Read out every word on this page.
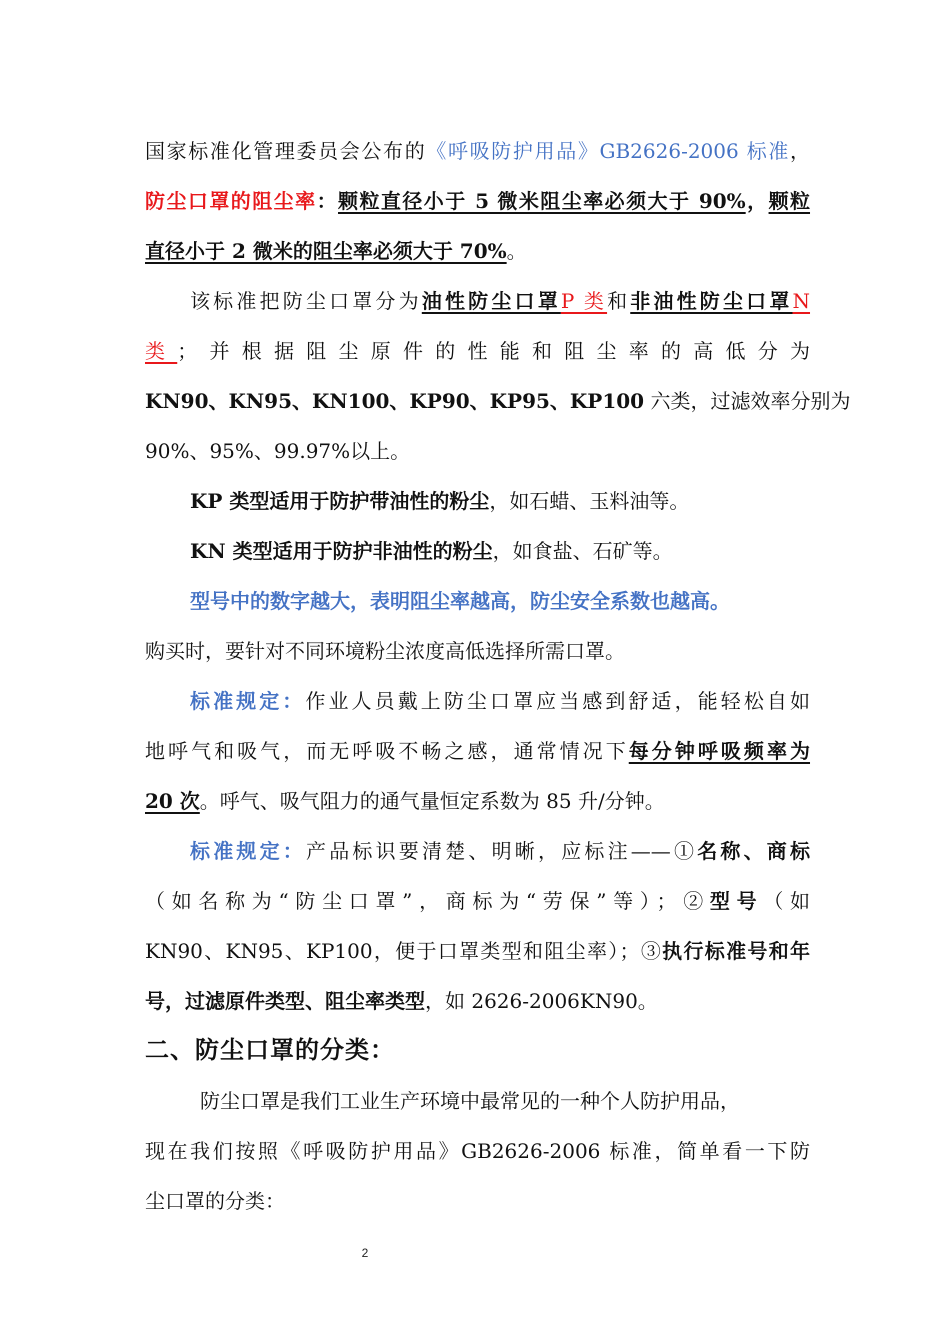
国家标准化管理委员会公布的《呼吸防护用品》GB2626-2006 标准，
防尘口罩的阻尘率：颗粒直径小于 5 微米阻尘率必须大于 90%，颗粒
直径小于 2 微米的阻尘率必须大于 70%。
该标准把防尘口罩分为油性防尘口罩P 类和非油性防尘口罩N
类；并根据阻尘原件的性能和阻尘率的高低分为
KN90、KN95、KN100、KP90、KP95、KP100 六类，过滤效率分别为
90%、95%、99.97%以上。
KP 类型适用于防护带油性的粉尘，如石蜡、玉料油等。
KN 类型适用于防护非油性的粉尘，如食盐、石矿等。
型号中的数字越大，表明阻尘率越高，防尘安全系数也越高。
购买时，要针对不同环境粉尘浓度高低选择所需口罩。
标准规定：作业人员戴上防尘口罩应当感到舒适，能轻松自如
地呼气和吸气，而无呼吸不畅之感，通常情况下每分钟呼吸频率为
20 次。呼气、吸气阻力的通气量恒定系数为 85 升/分钟。
标准规定：产品标识要清楚、明晰，应标注——①名称、商标
（如名称为“防尘口罩”，商标为“劳保”等）；②型号（如
KN90、KN95、KP100，便于口罩类型和阻尘率）；③执行标准号和年
号，过滤原件类型、阻尘率类型，如 2626-2006KN90。
二、防尘口罩的分类：
防尘口罩是我们工业生产环境中最常见的一种个人防护用品，
现在我们按照《呼吸防护用品》GB2626-2006 标准，简单看一下防
尘口罩的分类：
2
